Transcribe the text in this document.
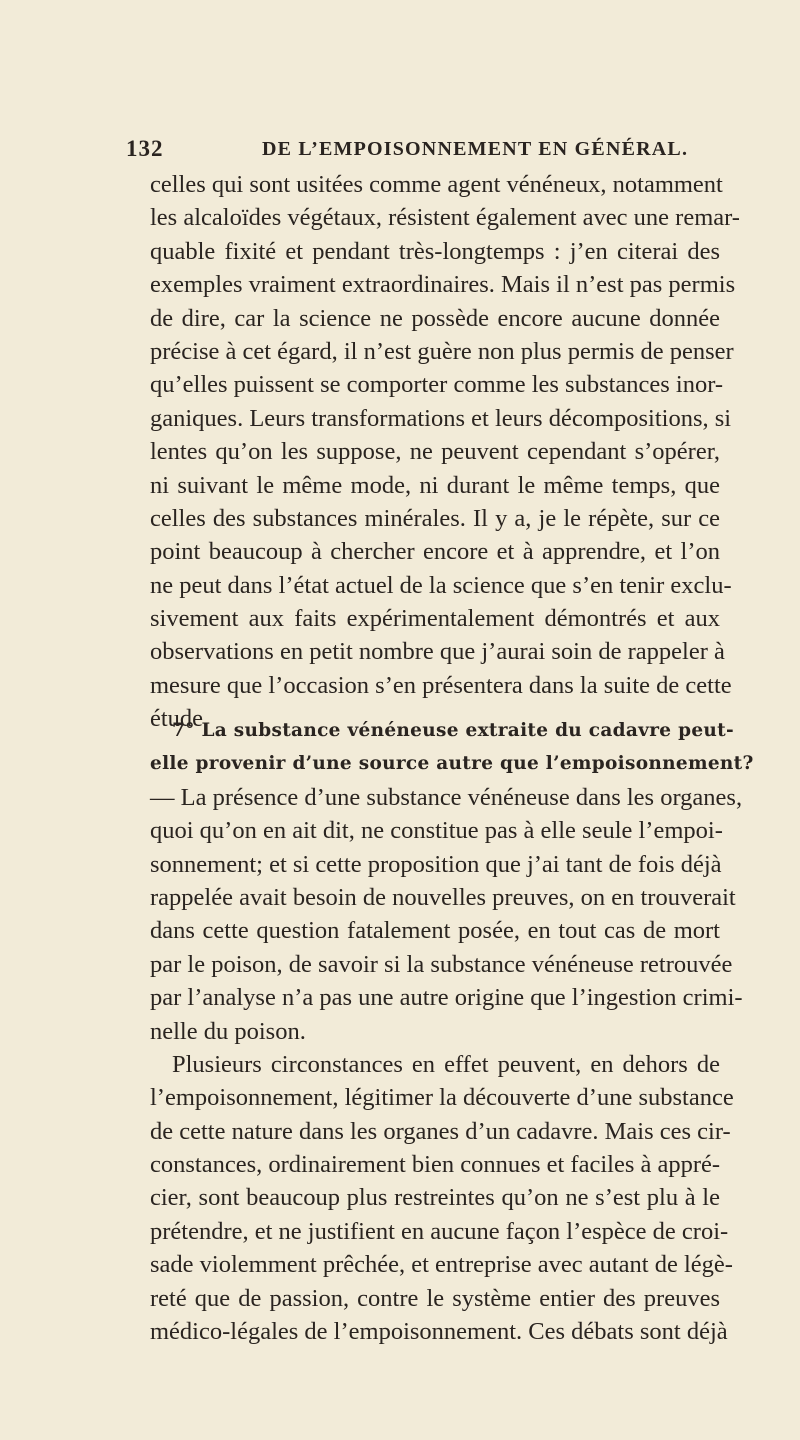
132	DE L’EMPOISONNEMENT EN GÉNÉRAL.
celles qui sont usitées comme agent vénéneux, notamment
les alcaloïdes végétaux, résistent également avec une remar-
quable fixité et pendant très-longtemps : j’en citerai des
exemples vraiment extraordinaires. Mais il n’est pas permis
de dire, car la science ne possède encore aucune donnée
précise à cet égard, il n’est guère non plus permis de penser
qu’elles puissent se comporter comme les substances inor-
ganiques. Leurs transformations et leurs décompositions, si
lentes qu’on les suppose, ne peuvent cependant s’opérer,
ni suivant le même mode, ni durant le même temps, que
celles des substances minérales. Il y a, je le répète, sur ce
point beaucoup à chercher encore et à apprendre, et l’on
ne peut dans l’état actuel de la science que s’en tenir exclu-
sivement aux faits expérimentalement démontrés et aux
observations en petit nombre que j’aurai soin de rappeler à
mesure que l’occasion s’en présentera dans la suite de cette
étude.
7° La substance vénéneuse extraite du cadavre peut-
elle provenir d’une source autre que l’empoisonnement?
— La présence d’une substance vénéneuse dans les organes,
quoi qu’on en ait dit, ne constitue pas à elle seule l’empoi-
sonnement; et si cette proposition que j’ai tant de fois déjà
rappelée avait besoin de nouvelles preuves, on en trouverait
dans cette question fatalement posée, en tout cas de mort
par le poison, de savoir si la substance vénéneuse retrouvée
par l’analyse n’a pas une autre origine que l’ingestion crimi-
nelle du poison.
Plusieurs circonstances en effet peuvent, en dehors de
l’empoisonnement, légitimer la découverte d’une substance
de cette nature dans les organes d’un cadavre. Mais ces cir-
constances, ordinairement bien connues et faciles à appré-
cier, sont beaucoup plus restreintes qu’on ne s’est plu à le
prétendre, et ne justifient en aucune façon l’espèce de croi-
sade violemment prêchée, et entreprise avec autant de légè-
reté que de passion, contre le système entier des preuves
médico-légales de l’empoisonnement. Ces débats sont déjà
